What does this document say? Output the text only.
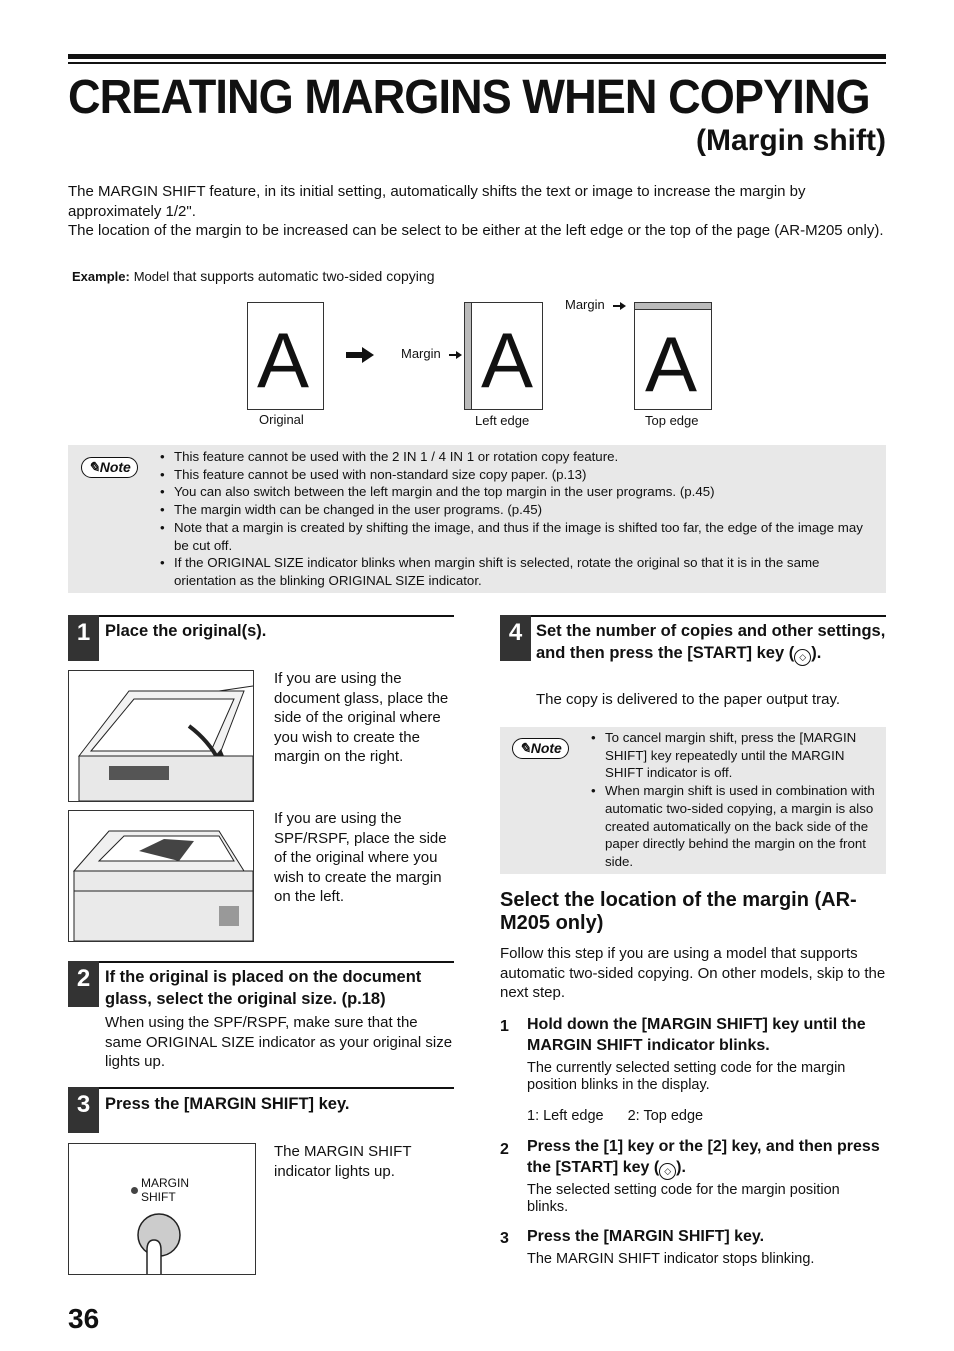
CREATING MARGINS WHEN COPYING
(Margin shift)
The MARGIN SHIFT feature, in its initial setting, automatically shifts the text or image to increase the margin by approximately 1/2".
The location of the margin to be increased can be select to be either at the left edge or the top of the page (AR-M205 only).
Example: Model that supports automatic two-sided copying
A
Original
Margin A
Left edge
Margin
A
Top edge
✎Note
• This feature cannot be used with the 2 IN 1 / 4 IN 1 or rotation copy feature.
• This feature cannot be used with non-standard size copy paper. (p.13)
• You can also switch between the left margin and the top margin in the user programs. (p.45)
• The margin width can be changed in the user programs. (p.45)
• Note that a margin is created by shifting the image, and thus if the image is shifted too far, the edge of the image may be cut off.
• If the ORIGINAL SIZE indicator blinks when margin shift is selected, rotate the original so that it is in the same orientation as the blinking ORIGINAL SIZE indicator.
1 Place the original(s).
If you are using the document glass, place the side of the original where you wish to create the margin on the right.
If you are using the SPF/RSPF, place the side of the original where you wish to create the margin on the left.
2 If the original is placed on the document glass, select the original size. (p.18)
When using the SPF/RSPF, make sure that the same ORIGINAL SIZE indicator as your original size lights up.
3 Press the [MARGIN SHIFT] key.
MARGIN
SHIFT
The MARGIN SHIFT indicator lights up.
4 Set the number of copies and other settings, and then press the [START] key ( ◇ ).
The copy is delivered to the paper output tray.
✎Note
• To cancel margin shift, press the [MARGIN SHIFT] key repeatedly until the MARGIN SHIFT indicator is off.
• When margin shift is used in combination with automatic two-sided copying, a margin is also created automatically on the back side of the paper directly behind the margin on the front side.
Select the location of the margin (AR-M205 only)
Follow this step if you are using a model that supports automatic two-sided copying. On other models, skip to the next step.
1 Hold down the [MARGIN SHIFT] key until the MARGIN SHIFT indicator blinks.
The currently selected setting code for the margin position blinks in the display.
1: Left edge 2: Top edge
2 Press the [1] key or the [2] key, and then press the [START] key ( ◇ ).
The selected setting code for the margin position blinks.
3 Press the [MARGIN SHIFT] key.
The MARGIN SHIFT indicator stops blinking.
36
